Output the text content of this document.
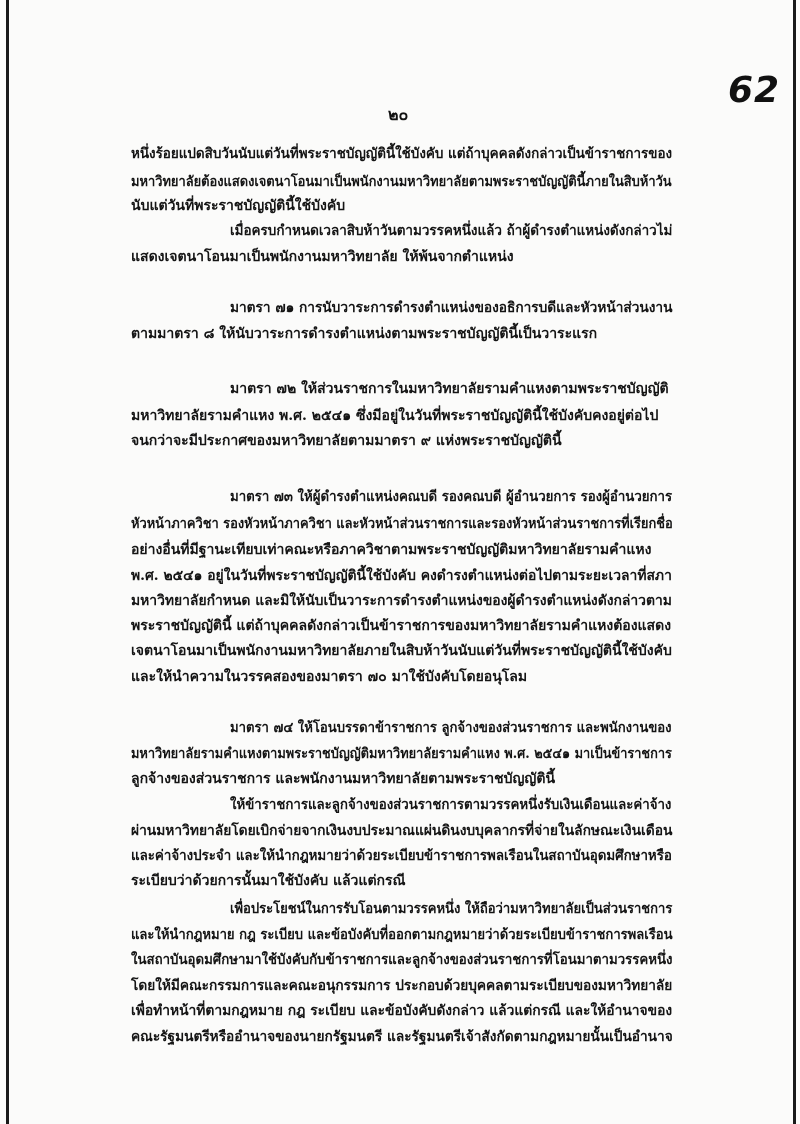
62
๒๐
หนึ่งร้อยแปดสิบวันนับแต่วันที่พระราชบัญญัตินี้ใช้บังคับ แต่ถ้าบุคคลดังกล่าวเป็นข้าราชการของ
มหาวิทยาลัยต้องแสดงเจตนาโอนมาเป็นพนักงานมหาวิทยาลัยตามพระราชบัญญัตินี้ภายในสิบห้าวัน
นับแต่วันที่พระราชบัญญัตินี้ใช้บังคับ
เมื่อครบกำหนดเวลาสิบห้าวันตามวรรคหนึ่งแล้ว ถ้าผู้ดำรงตำแหน่งดังกล่าวไม่
แสดงเจตนาโอนมาเป็นพนักงานมหาวิทยาลัย ให้พ้นจากตำแหน่ง
มาตรา ๗๑ การนับวาระการดำรงตำแหน่งของอธิการบดีและหัวหน้าส่วนงาน
ตามมาตรา ๘ ให้นับวาระการดำรงตำแหน่งตามพระราชบัญญัตินี้เป็นวาระแรก
มาตรา ๗๒ ให้ส่วนราชการในมหาวิทยาลัยรามคำแหงตามพระราชบัญญัติ
มหาวิทยาลัยรามคำแหง พ.ศ. ๒๕๔๑ ซึ่งมีอยู่ในวันที่พระราชบัญญัตินี้ใช้บังคับคงอยู่ต่อไป
จนกว่าจะมีประกาศของมหาวิทยาลัยตามมาตรา ๙ แห่งพระราชบัญญัตินี้
มาตรา ๗๓ ให้ผู้ดำรงตำแหน่งคณบดี รองคณบดี ผู้อำนวยการ รองผู้อำนวยการ
หัวหน้าภาควิชา รองหัวหน้าภาควิชา และหัวหน้าส่วนราชการและรองหัวหน้าส่วนราชการที่เรียกชื่อ
อย่างอื่นที่มีฐานะเทียบเท่าคณะหรือภาควิชาตามพระราชบัญญัติมหาวิทยาลัยรามคำแหง
พ.ศ. ๒๕๔๑ อยู่ในวันที่พระราชบัญญัตินี้ใช้บังคับ คงดำรงตำแหน่งต่อไปตามระยะเวลาที่สภา
มหาวิทยาลัยกำหนด และมิให้นับเป็นวาระการดำรงตำแหน่งของผู้ดำรงตำแหน่งดังกล่าวตาม
พระราชบัญญัตินี้ แต่ถ้าบุคคลดังกล่าวเป็นข้าราชการของมหาวิทยาลัยรามคำแหงต้องแสดง
เจตนาโอนมาเป็นพนักงานมหาวิทยาลัยภายในสิบห้าวันนับแต่วันที่พระราชบัญญัตินี้ใช้บังคับ
และให้นำความในวรรคสองของมาตรา ๗๐ มาใช้บังคับโดยอนุโลม
มาตรา ๗๔ ให้โอนบรรดาข้าราชการ ลูกจ้างของส่วนราชการ และพนักงานของ
มหาวิทยาลัยรามคำแหงตามพระราชบัญญัติมหาวิทยาลัยรามคำแหง พ.ศ. ๒๕๔๑ มาเป็นข้าราชการ
ลูกจ้างของส่วนราชการ และพนักงานมหาวิทยาลัยตามพระราชบัญญัตินี้
ให้ข้าราชการและลูกจ้างของส่วนราชการตามวรรคหนึ่งรับเงินเดือนและค่าจ้าง
ผ่านมหาวิทยาลัยโดยเบิกจ่ายจากเงินงบประมาณแผ่นดินงบบุคลากรที่จ่ายในลักษณะเงินเดือน
และค่าจ้างประจำ และให้นำกฎหมายว่าด้วยระเบียบข้าราชการพลเรือนในสถาบันอุดมศึกษาหรือ
ระเบียบว่าด้วยการนั้นมาใช้บังคับ แล้วแต่กรณี
เพื่อประโยชน์ในการรับโอนตามวรรคหนึ่ง ให้ถือว่ามหาวิทยาลัยเป็นส่วนราชการ
และให้นำกฎหมาย กฎ ระเบียบ และข้อบังคับที่ออกตามกฎหมายว่าด้วยระเบียบข้าราชการพลเรือน
ในสถาบันอุดมศึกษามาใช้บังคับกับข้าราชการและลูกจ้างของส่วนราชการที่โอนมาตามวรรคหนึ่ง
โดยให้มีคณะกรรมการและคณะอนุกรรมการ ประกอบด้วยบุคคลตามระเบียบของมหาวิทยาลัย
เพื่อทำหน้าที่ตามกฎหมาย กฎ ระเบียบ และข้อบังคับดังกล่าว แล้วแต่กรณี และให้อำนาจของ
คณะรัฐมนตรีหรืออำนาจของนายกรัฐมนตรี และรัฐมนตรีเจ้าสังกัดตามกฎหมายนั้นเป็นอำนาจ
